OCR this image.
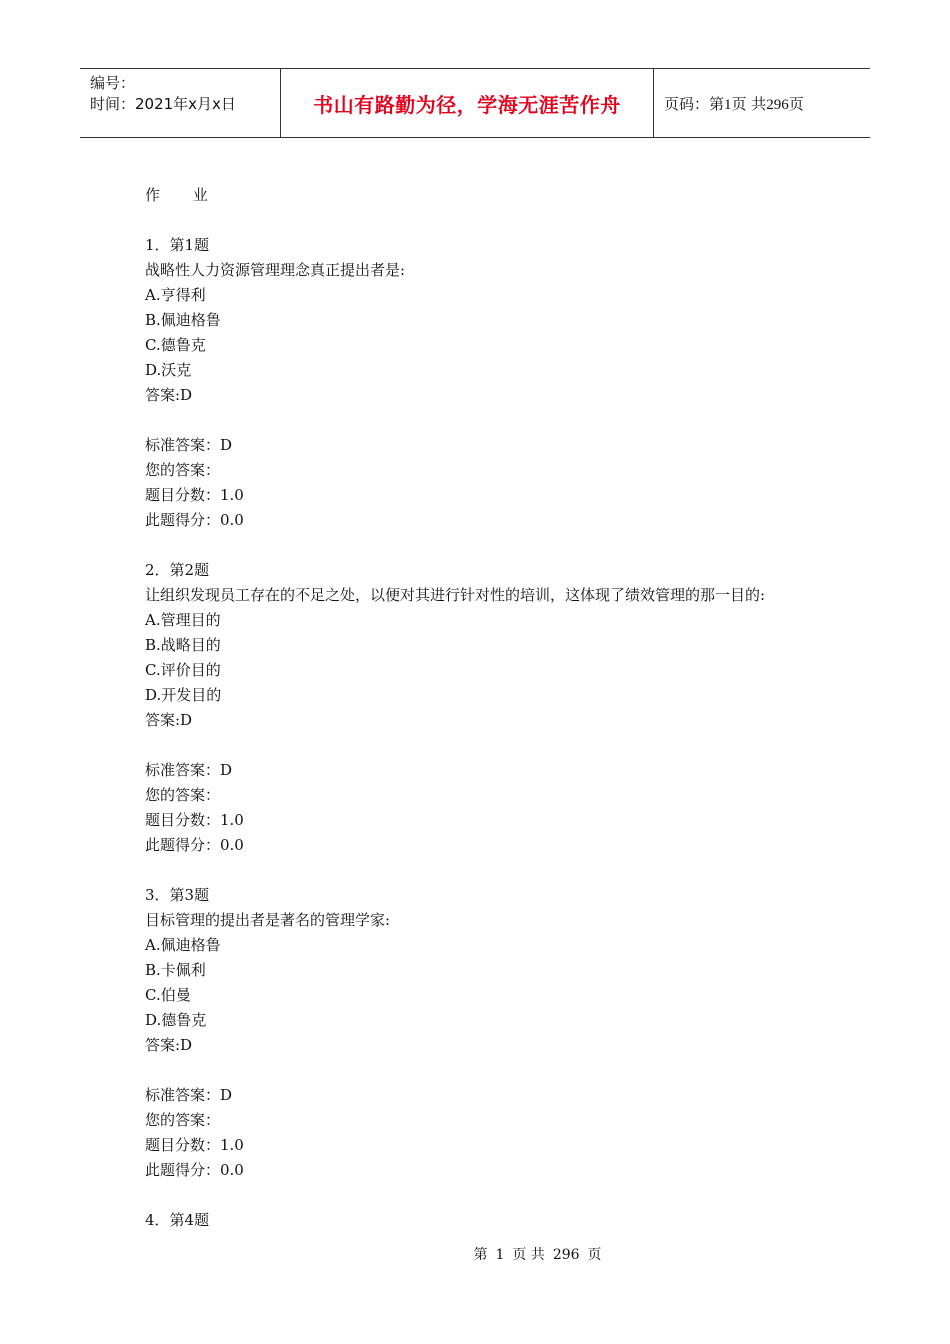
编号：
时间：2021年x月x日	书山有路勤为径，学海无涯苦作舟	页码：第1页 共296页
作 业
1．第1题
战略性人力资源管理理念真正提出者是:
A.亨得利
B.佩迪格鲁
C.德鲁克
D.沃克
答案:D
标准答案：D
您的答案：
题目分数：1.0
此题得分：0.0
2．第2题
让组织发现员工存在的不足之处，以便对其进行针对性的培训，这体现了绩效管理的那一目的:
A.管理目的
B.战略目的
C.评价目的
D.开发目的
答案:D
标准答案：D
您的答案：
题目分数：1.0
此题得分：0.0
3．第3题
目标管理的提出者是著名的管理学家:
A.佩迪格鲁
B.卡佩利
C.伯曼
D.德鲁克
答案:D
标准答案：D
您的答案：
题目分数：1.0
此题得分：0.0
4．第4题
第 1 页 共 296 页
